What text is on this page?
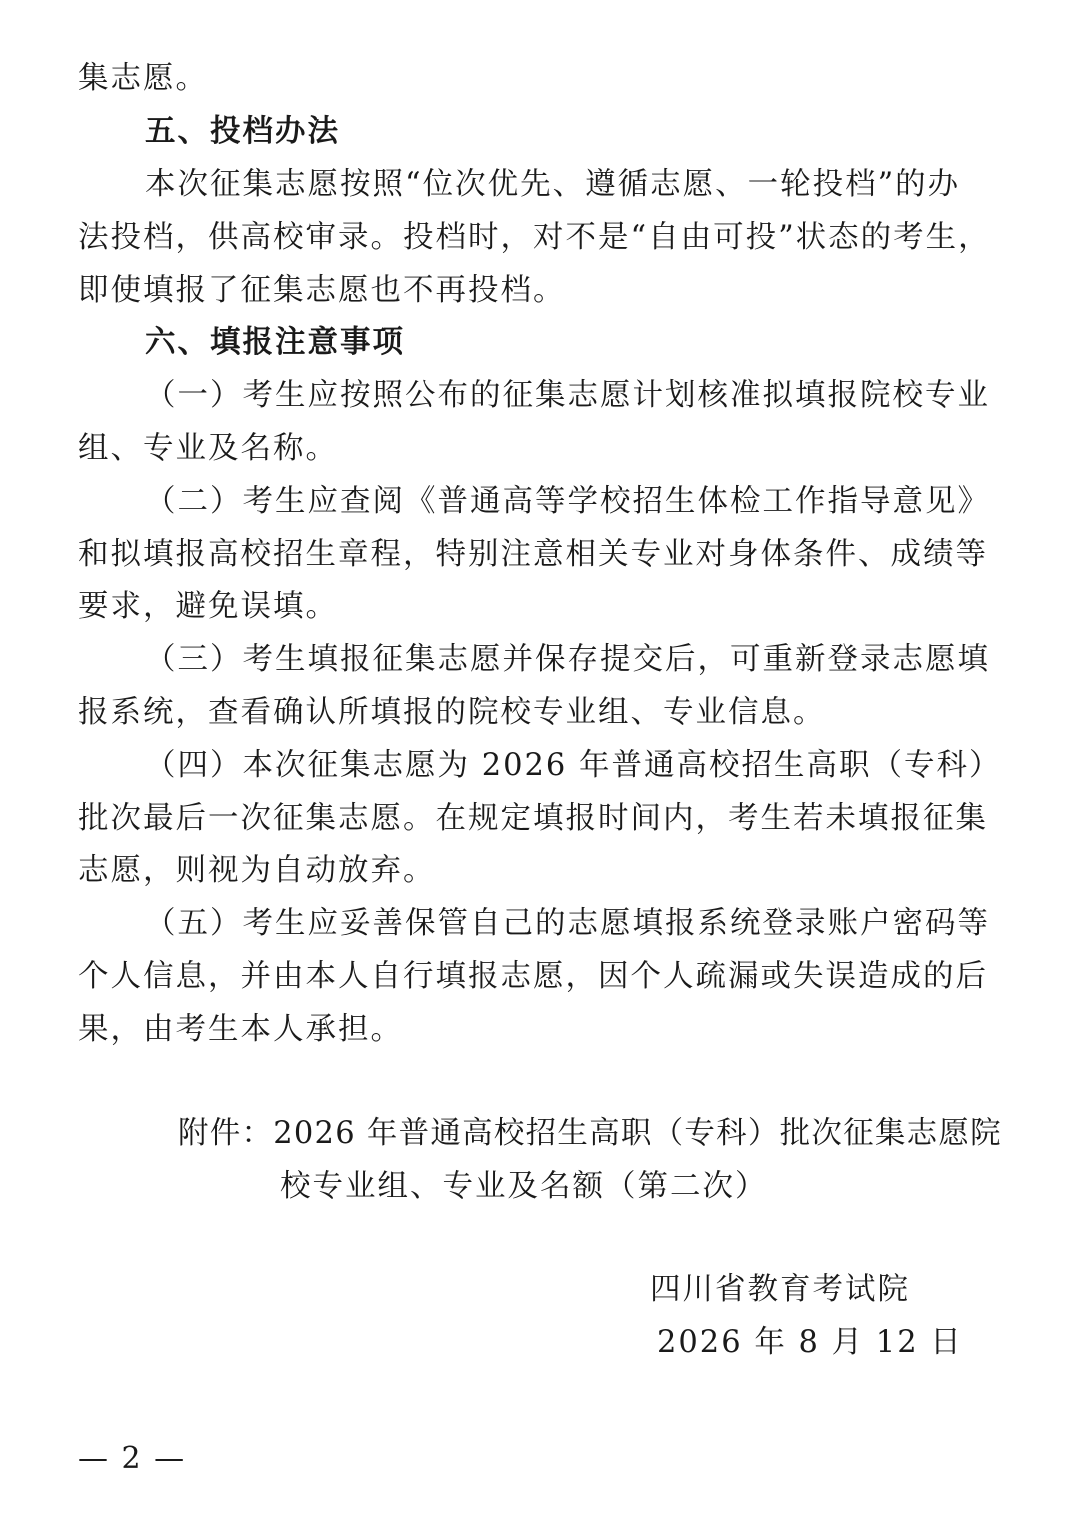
集志愿。
五、投档办法
本次征集志愿按照“位次优先、遵循志愿、一轮投档”的办
法投档，供高校审录。投档时，对不是“自由可投”状态的考生，
即使填报了征集志愿也不再投档。
六、填报注意事项
（一）考生应按照公布的征集志愿计划核准拟填报院校专业
组、专业及名称。
（二）考生应查阅《普通高等学校招生体检工作指导意见》
和拟填报高校招生章程，特别注意相关专业对身体条件、成绩等
要求，避免误填。
（三）考生填报征集志愿并保存提交后，可重新登录志愿填
报系统，查看确认所填报的院校专业组、专业信息。
（四）本次征集志愿为 2026 年普通高校招生高职（专科）
批次最后一次征集志愿。在规定填报时间内，考生若未填报征集
志愿，则视为自动放弃。
（五）考生应妥善保管自己的志愿填报系统登录账户密码等
个人信息，并由本人自行填报志愿，因个人疏漏或失误造成的后
果，由考生本人承担。
附件：2026 年普通高校招生高职（专科）批次征集志愿院
校专业组、专业及名额（第二次）
四川省教育考试院
2026 年 8 月 12 日
— 2 —
